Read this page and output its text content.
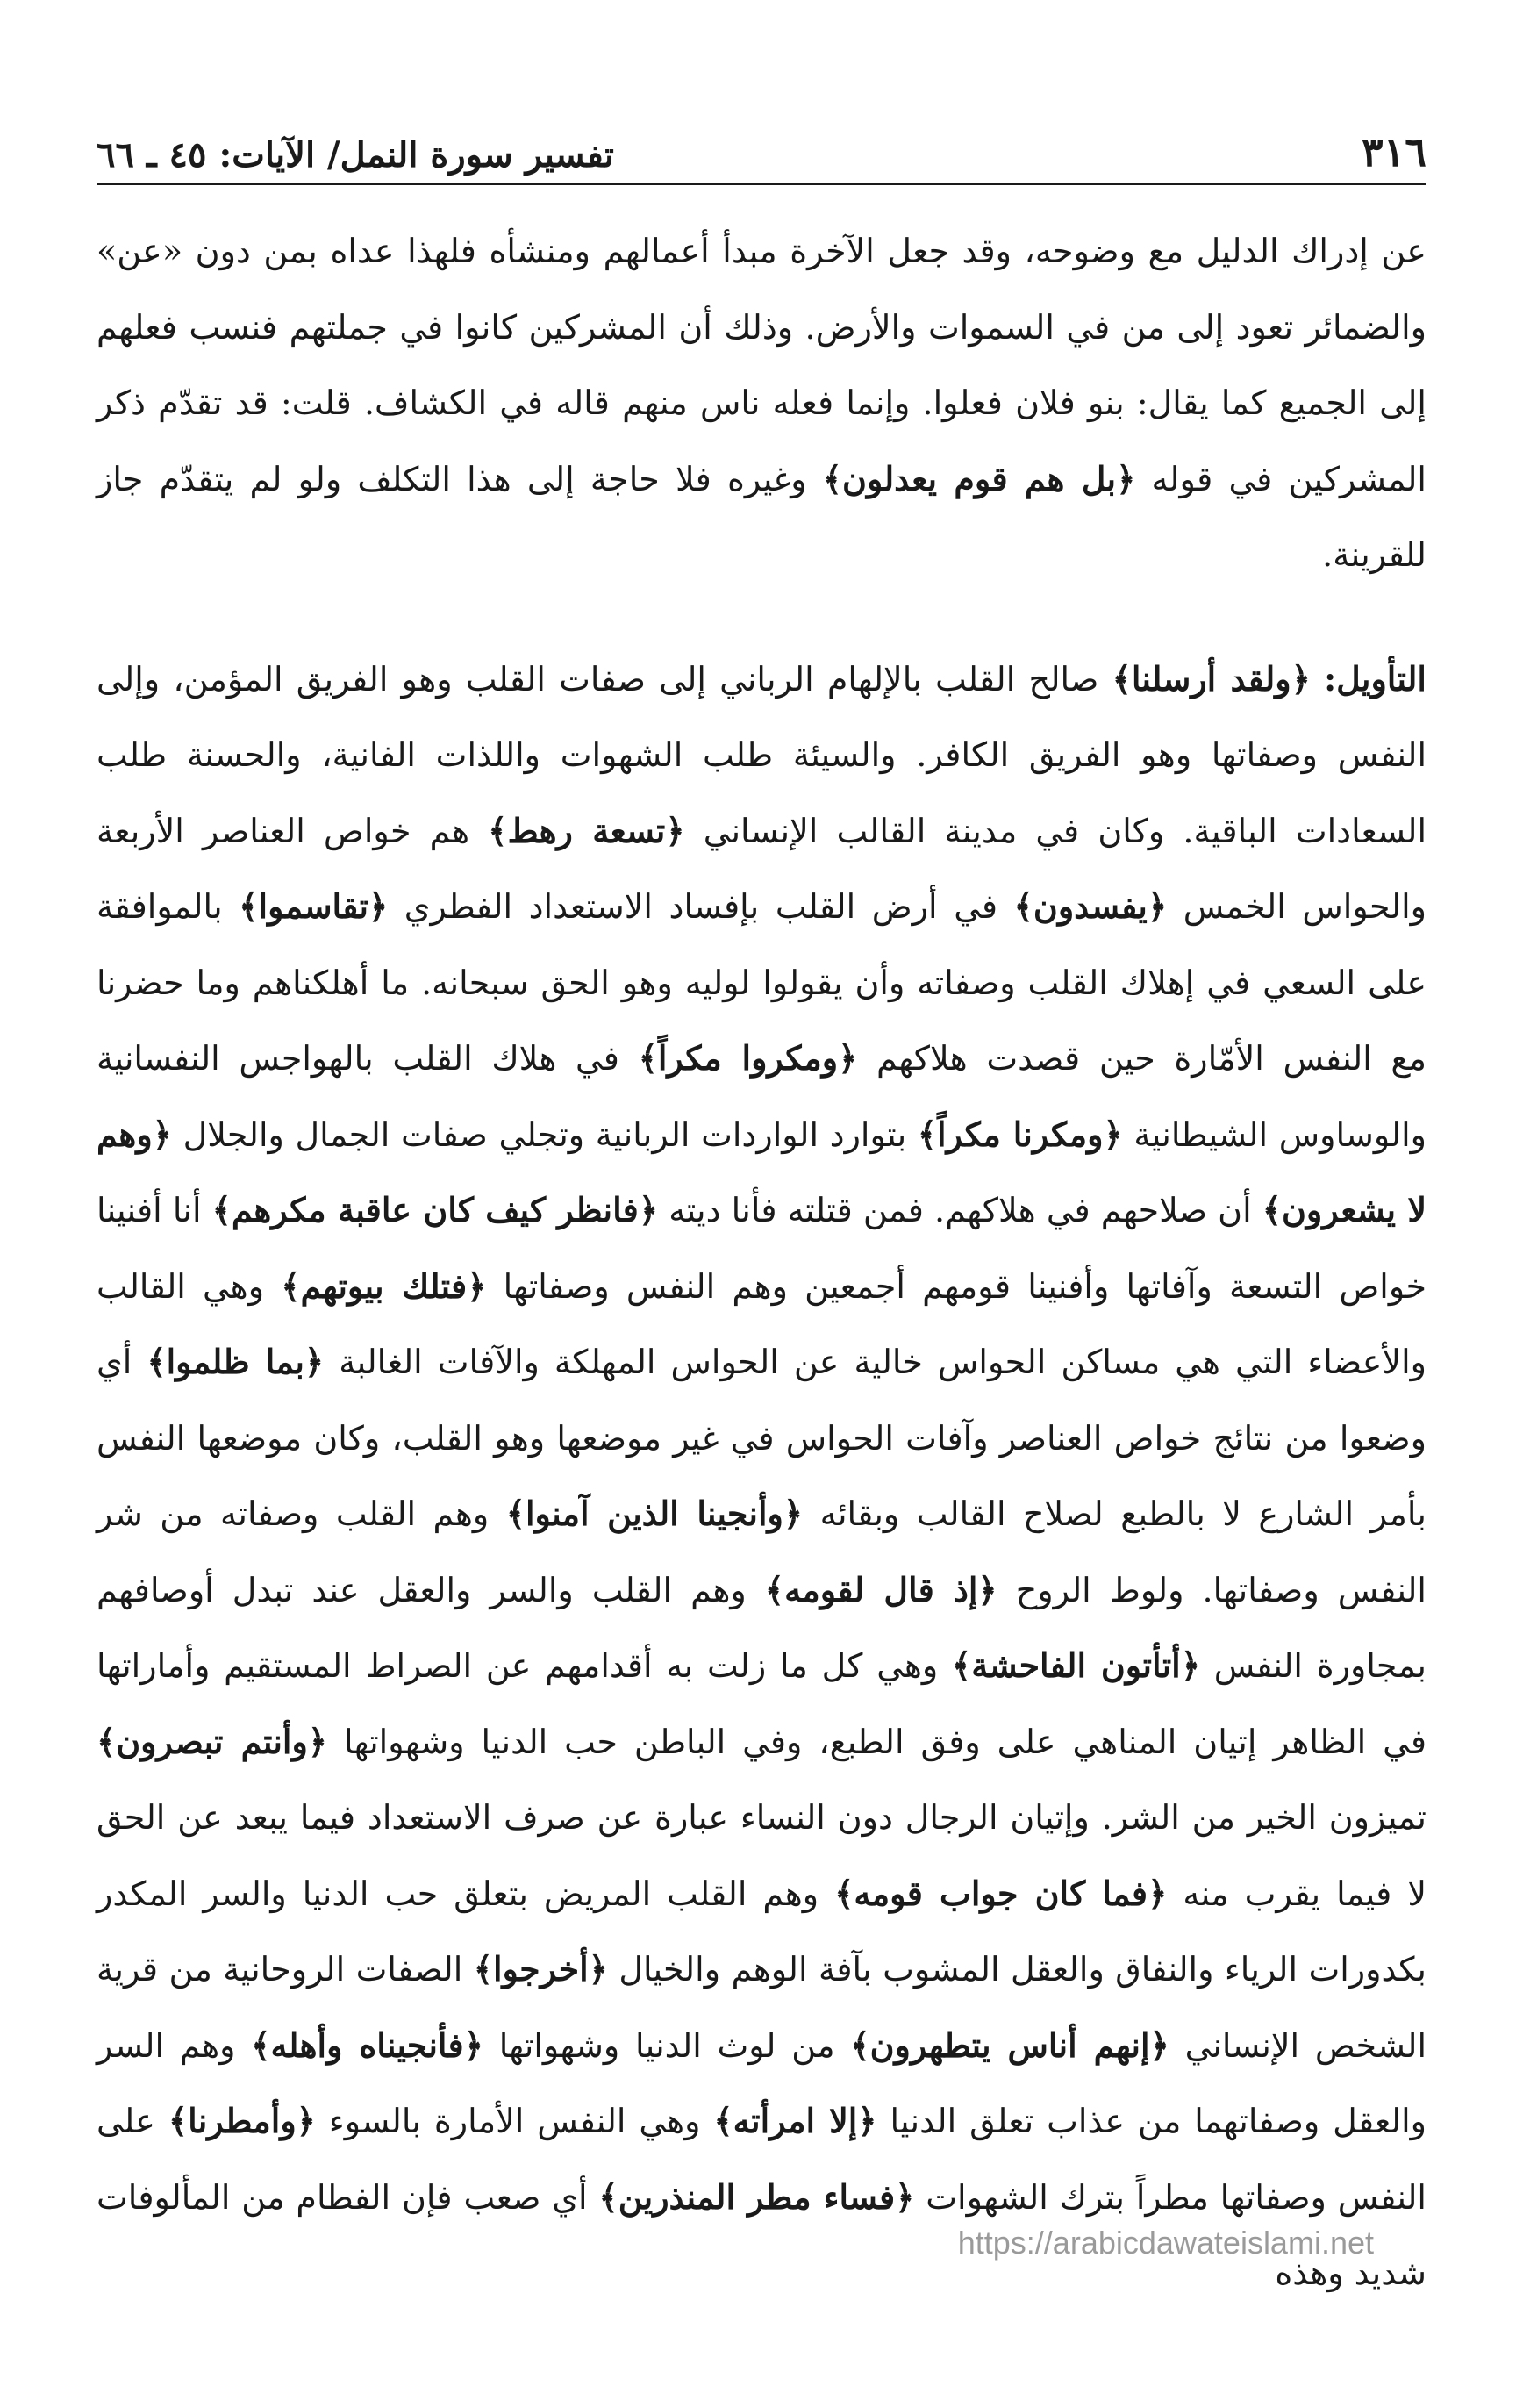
٣١٦
تفسير سورة النمل/ الآيات: ٤٥ ـ ٦٦

عن إدراك الدليل مع وضوحه، وقد جعل الآخرة مبدأ أعمالهم ومنشأه فلهذا عداه بمن دون «عن» والضمائر تعود إلى من في السموات والأرض. وذلك أن المشركين كانوا في جملتهم فنسب فعلهم إلى الجميع كما يقال: بنو فلان فعلوا. وإنما فعله ناس منهم قاله في الكشاف. قلت: قد تقدّم ذكر المشركين في قوله ﴿بل هم قوم يعدلون﴾ وغيره فلا حاجة إلى هذا التكلف ولو لم يتقدّم جاز للقرينة.

التأويل: ﴿ولقد أرسلنا﴾ صالح القلب بالإلهام الرباني إلى صفات القلب وهو الفريق المؤمن، وإلى النفس وصفاتها وهو الفريق الكافر. والسيئة طلب الشهوات واللذات الفانية، والحسنة طلب السعادات الباقية. وكان في مدينة القالب الإنساني ﴿تسعة رهط﴾ هم خواص العناصر الأربعة والحواس الخمس ﴿يفسدون﴾ في أرض القلب بإفساد الاستعداد الفطري ﴿تقاسموا﴾ بالموافقة على السعي في إهلاك القلب وصفاته وأن يقولوا لوليه وهو الحق سبحانه. ما أهلكناهم وما حضرنا مع النفس الأمّارة حين قصدت هلاكهم ﴿ومكروا مكراً﴾ في هلاك القلب بالهواجس النفسانية والوساوس الشيطانية ﴿ومكرنا مكراً﴾ بتوارد الواردات الربانية وتجلي صفات الجمال والجلال ﴿وهم لا يشعرون﴾ أن صلاحهم في هلاكهم. فمن قتلته فأنا ديته ﴿فانظر كيف كان عاقبة مكرهم﴾ أنا أفنينا خواص التسعة وآفاتها وأفنينا قومهم أجمعين وهم النفس وصفاتها ﴿فتلك بيوتهم﴾ وهي القالب والأعضاء التي هي مساكن الحواس خالية عن الحواس المهلكة والآفات الغالبة ﴿بما ظلموا﴾ أي وضعوا من نتائج خواص العناصر وآفات الحواس في غير موضعها وهو القلب، وكان موضعها النفس بأمر الشارع لا بالطبع لصلاح القالب وبقائه ﴿وأنجينا الذين آمنوا﴾ وهم القلب وصفاته من شر النفس وصفاتها. ولوط الروح ﴿إذ قال لقومه﴾ وهم القلب والسر والعقل عند تبدل أوصافهم بمجاورة النفس ﴿أتأتون الفاحشة﴾ وهي كل ما زلت به أقدامهم عن الصراط المستقيم وأماراتها في الظاهر إتيان المناهي على وفق الطبع، وفي الباطن حب الدنيا وشهواتها ﴿وأنتم تبصرون﴾ تميزون الخير من الشر. وإتيان الرجال دون النساء عبارة عن صرف الاستعداد فيما يبعد عن الحق لا فيما يقرب منه ﴿فما كان جواب قومه﴾ وهم القلب المريض بتعلق حب الدنيا والسر المكدر بكدورات الرياء والنفاق والعقل المشوب بآفة الوهم والخيال ﴿أخرجوا﴾ الصفات الروحانية من قرية الشخص الإنساني ﴿إنهم أناس يتطهرون﴾ من لوث الدنيا وشهواتها ﴿فأنجيناه وأهله﴾ وهم السر والعقل وصفاتهما من عذاب تعلق الدنيا ﴿إلا امرأته﴾ وهي النفس الأمارة بالسوء ﴿وأمطرنا﴾ على النفس وصفاتها مطراً بترك الشهوات ﴿فساء مطر المنذرين﴾ أي صعب فإن الفطام من المألوفات شديد وهذه

https://arabicdawateislami.net
